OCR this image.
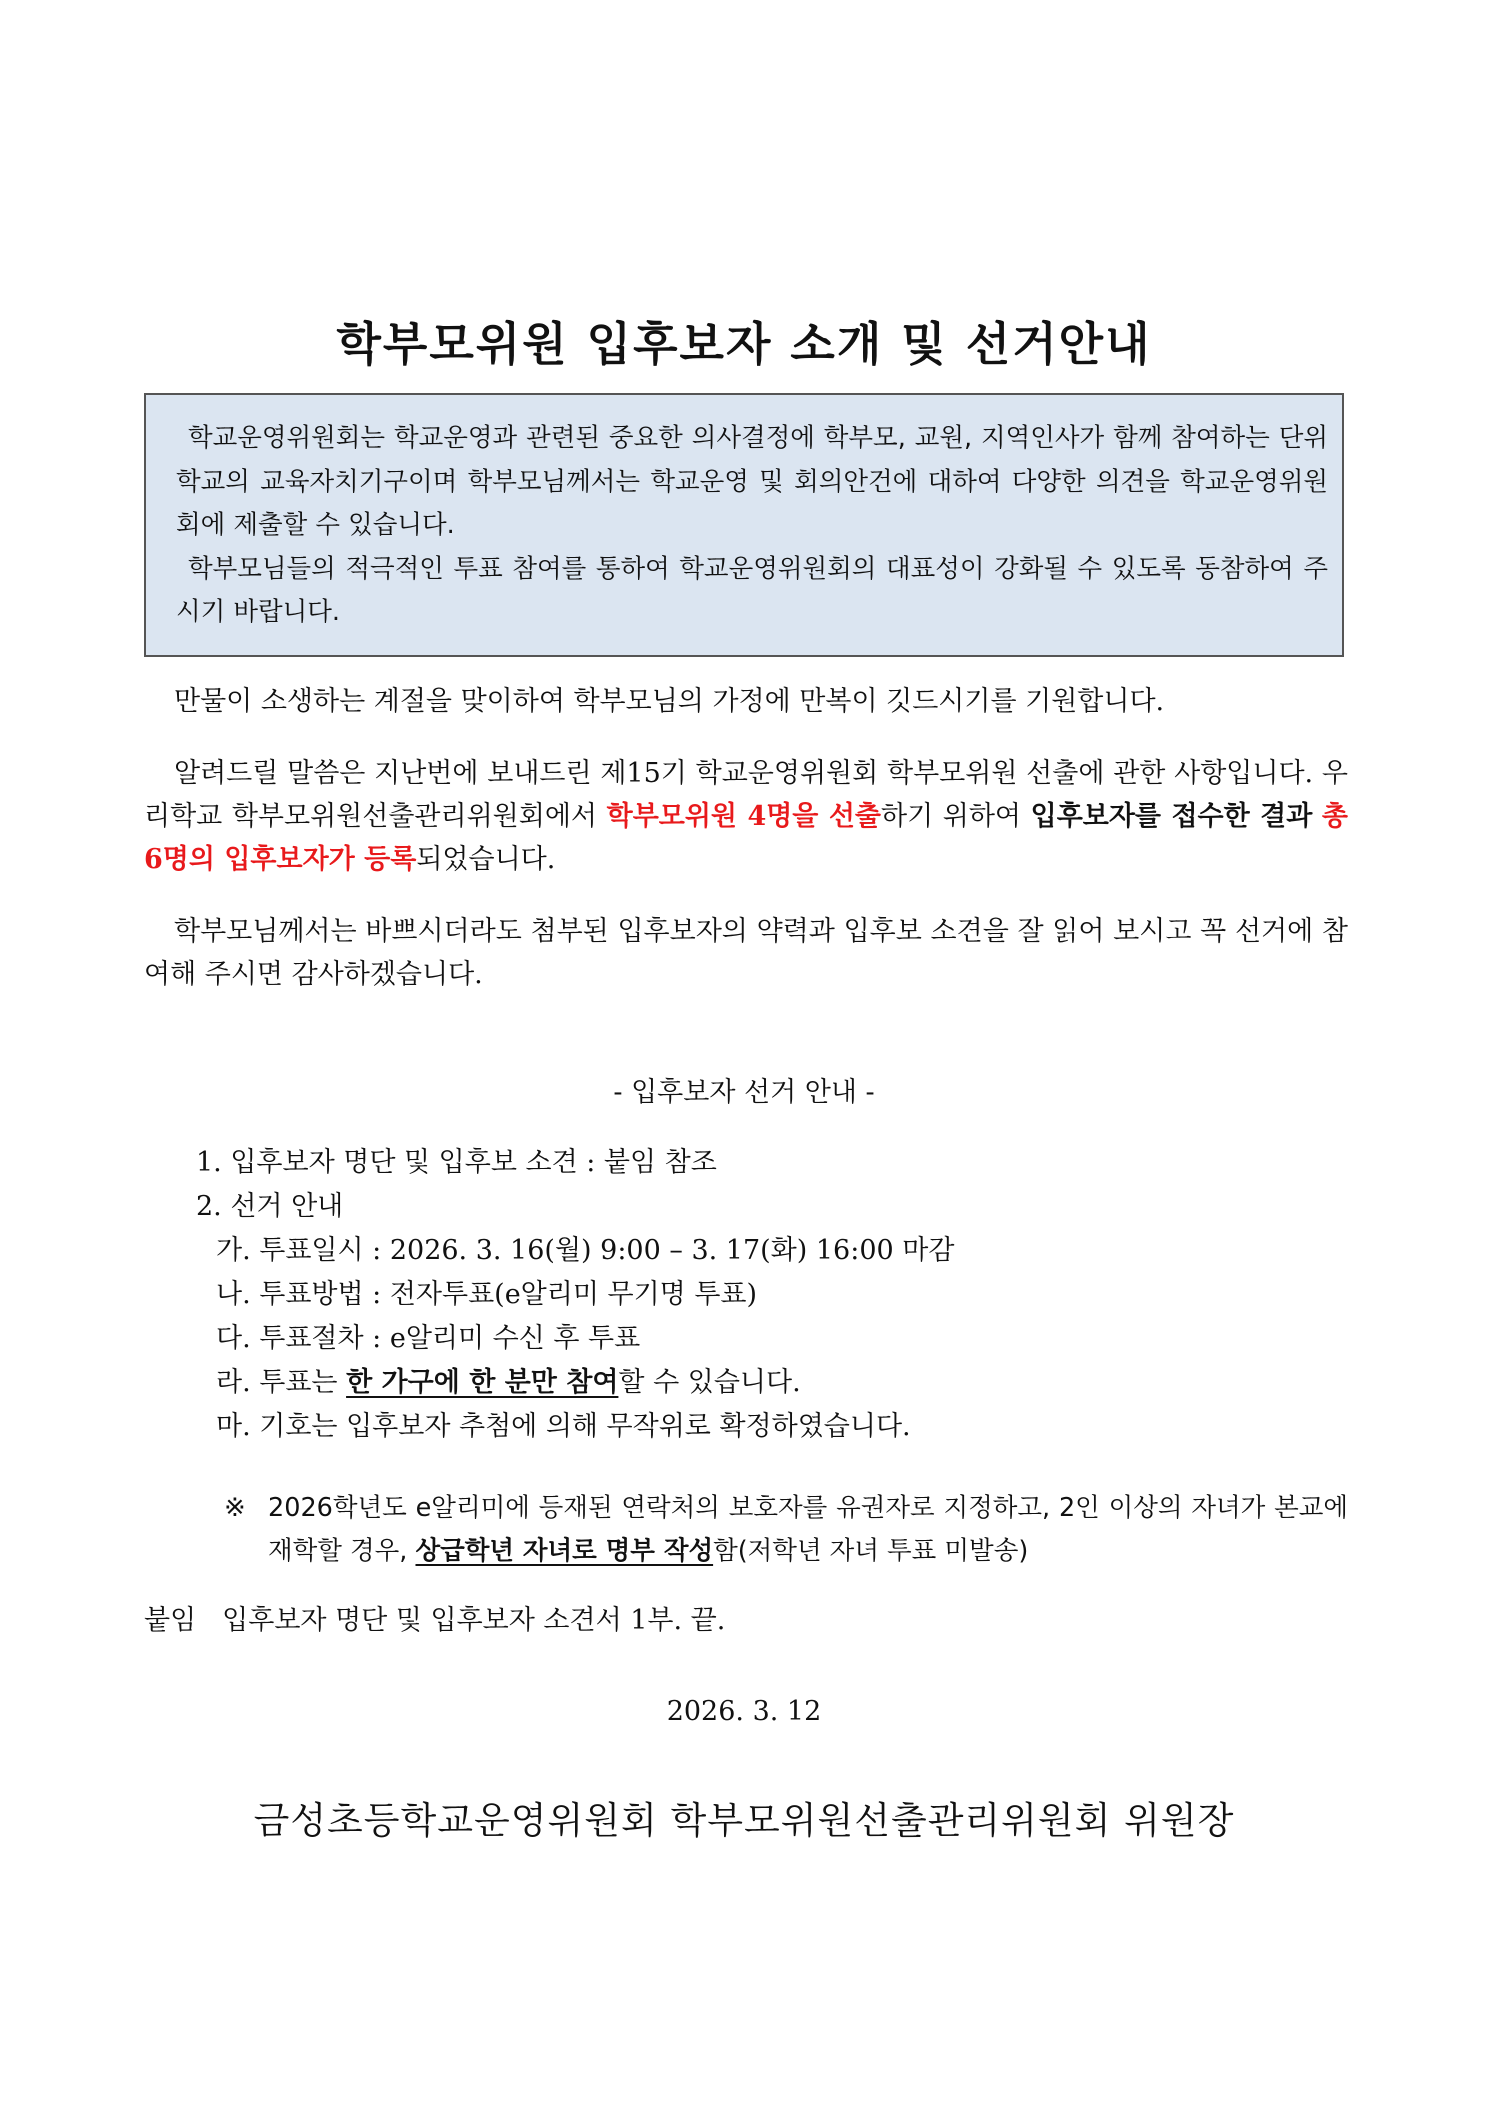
학부모위원 입후보자 소개 및 선거안내

학교운영위원회는 학교운영과 관련된 중요한 의사결정에 학부모, 교원, 지역인사가 함께 참여하는 단위학교의 교육자치기구이며 학부모님께서는 학교운영 및 회의안건에 대하여 다양한 의견을 학교운영위원회에 제출할 수 있습니다.

학부모님들의 적극적인 투표 참여를 통하여 학교운영위원회의 대표성이 강화될 수 있도록 동참하여 주시기 바랍니다.

만물이 소생하는 계절을 맞이하여 학부모님의 가정에 만복이 깃드시기를 기원합니다.

알려드릴 말씀은 지난번에 보내드린 제15기 학교운영위원회 학부모위원 선출에 관한 사항입니다. 우리학교 학부모위원선출관리위원회에서 학부모위원 4명을 선출하기 위하여 입후보자를 접수한 결과 총 6명의 입후보자가 등록되었습니다.

학부모님께서는 바쁘시더라도 첨부된 입후보자의 약력과 입후보 소견을 잘 읽어 보시고 꼭 선거에 참여해 주시면 감사하겠습니다.

- 입후보자 선거 안내 -
1. 입후보자 명단 및 입후보 소견 : 붙임 참조
2. 선거 안내
가. 투표일시 : 2026. 3. 16(월) 9:00 – 3. 17(화) 16:00 마감
나. 투표방법 : 전자투표(e알리미 무기명 투표)
다. 투표절차 : e알리미 수신 후 투표
라. 투표는 한 가구에 한 분만 참여할 수 있습니다.
마. 기호는 입후보자 추첨에 의해 무작위로 확정하였습니다.
※ 2026학년도 e알리미에 등재된 연락처의 보호자를 유권자로 지정하고, 2인 이상의 자녀가 본교에 재학할 경우, 상급학년 자녀로 명부 작성함(저학년 자녀 투표 미발송)
붙임 입후보자 명단 및 입후보자 소견서 1부. 끝.
2026. 3. 12
금성초등학교운영위원회 학부모위원선출관리위원회 위원장
